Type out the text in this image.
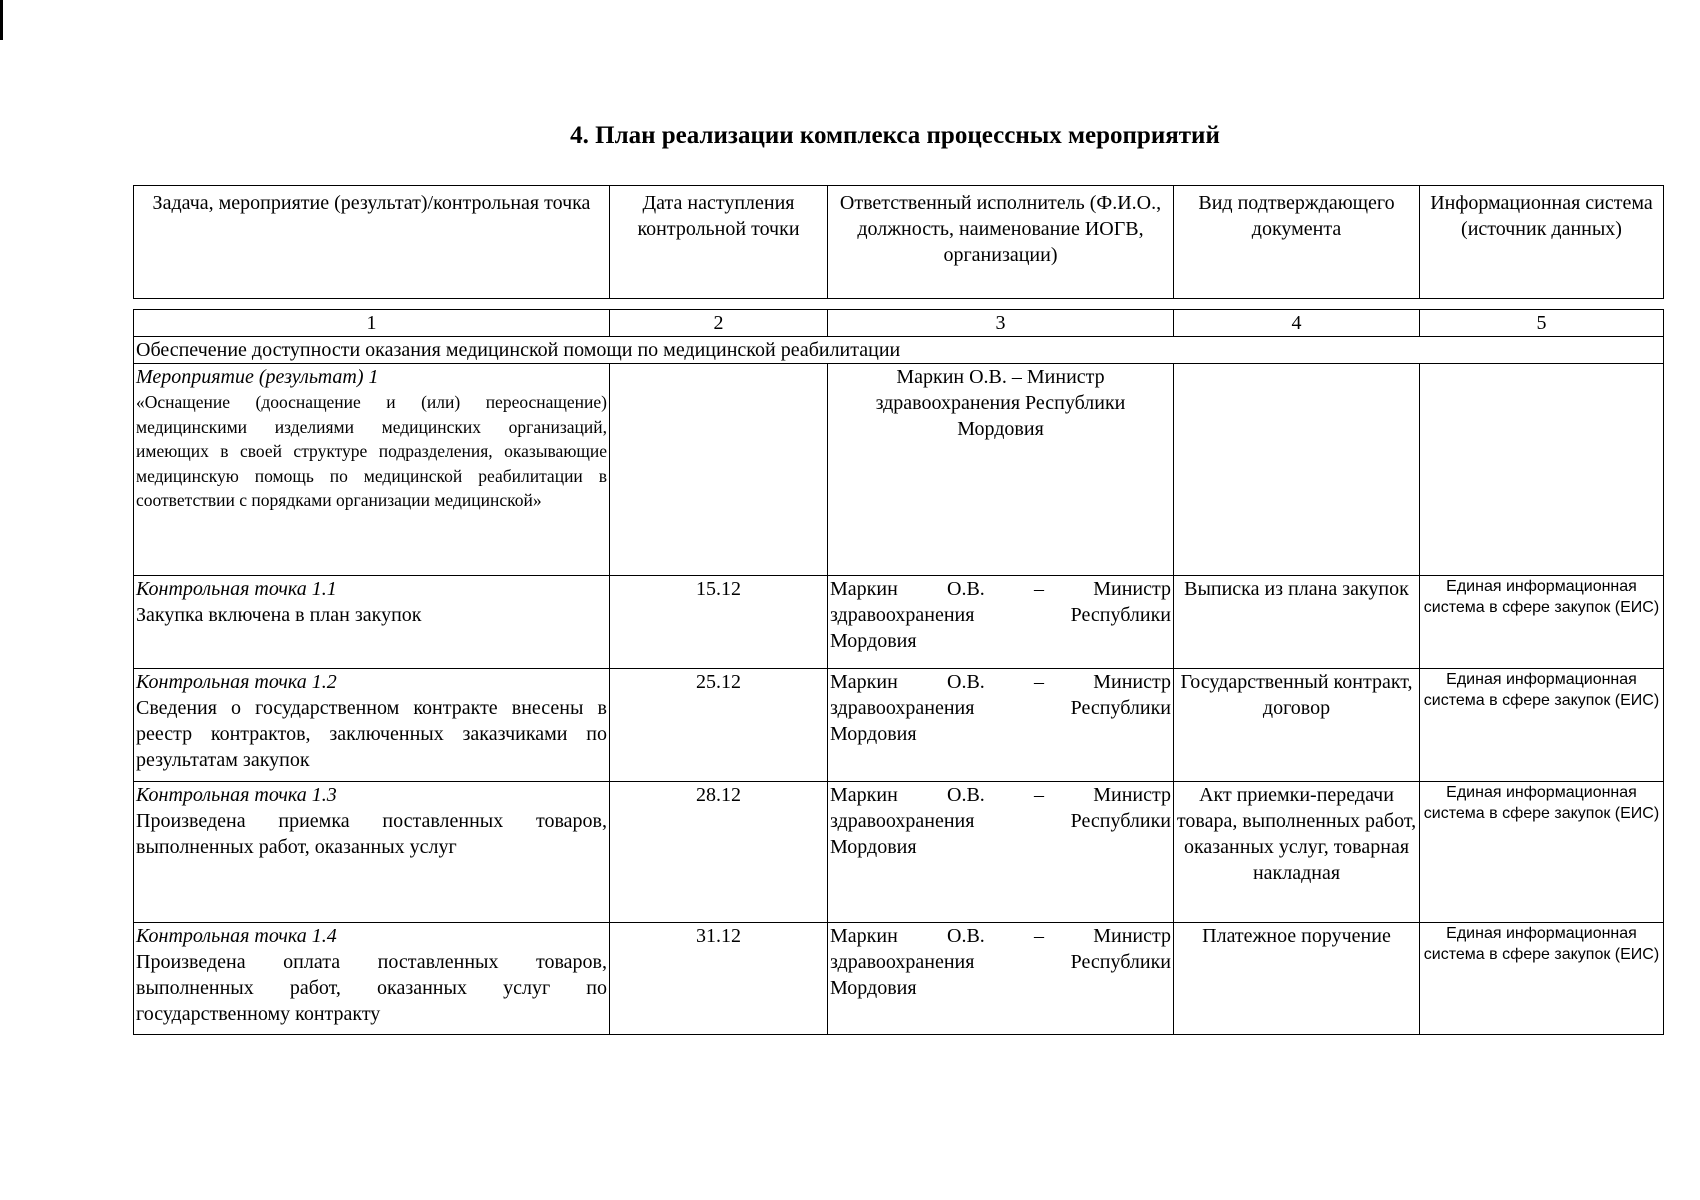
4. План реализации комплекса процессных мероприятий
Задача, мероприятие (результат)/контрольная точка	Дата наступления контрольной точки	Ответственный исполнитель (Ф.И.О., должность, наименование ИОГВ, организации)	Вид подтверждающего документа	Информационная система (источник данных)
1	2	3	4	5
Обеспечение доступности оказания медицинской помощи по медицинской реабилитации				

Мероприятие (результат) 1
«Оснащение (дооснащение и (или) переоснащение) медицинскими изделиями медицинских организаций, имеющих в своей структуре подразделения, оказывающие медицинскую помощь по медицинской реабилитации в соответствии с порядками организации медицинской»		Маркин О.В. – Министр здравоохранения Республики Мордовия		

Контрольная точка 1.1
Закупка включена в план закупок	15.12	Маркин О.В. – Министр здравоохранения Республики Мордовия	Выписка из плана закупок	Единая информационная система в сфере закупок (ЕИС)

Контрольная точка 1.2
Сведения о государственном контракте внесены в реестр контрактов, заключенных заказчиками по результатам закупок	25.12	Маркин О.В. – Министр здравоохранения Республики Мордовия	Государственный контракт, договор	Единая информационная система в сфере закупок (ЕИС)

Контрольная точка 1.3
Произведена приемка поставленных товаров, выполненных работ, оказанных услуг	28.12	Маркин О.В. – Министр здравоохранения Республики Мордовия	Акт приемки-передачи товара, выполненных работ, оказанных услуг, товарная накладная	Единая информационная система в сфере закупок (ЕИС)

Контрольная точка 1.4
Произведена оплата поставленных товаров, выполненных работ, оказанных услуг по государственному контракту	31.12	Маркин О.В. – Министр здравоохранения Республики Мордовия	Платежное поручение	Единая информационная система в сфере закупок (ЕИС)
